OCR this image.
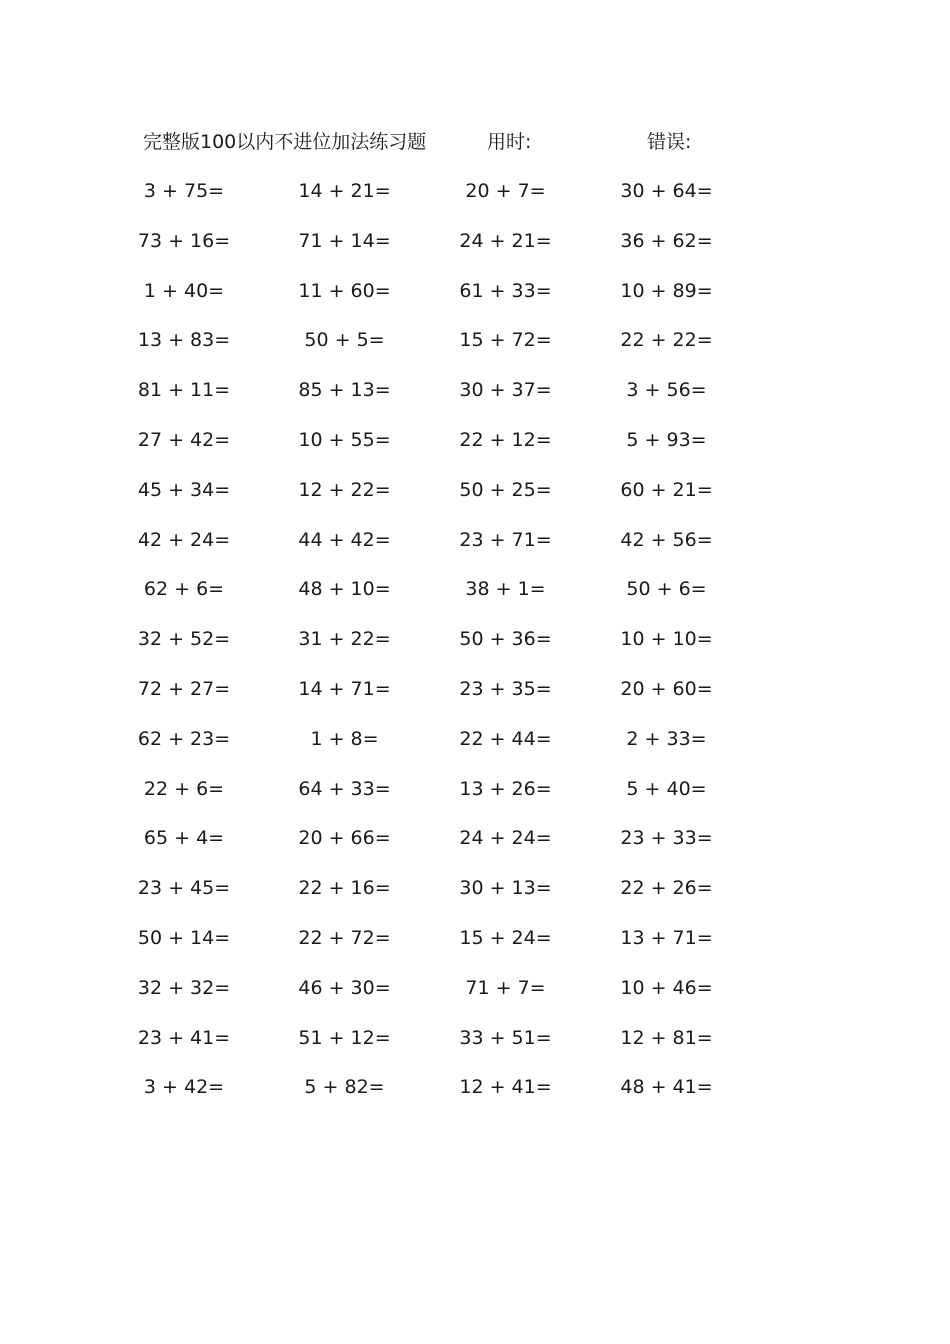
完整版100以内不进位加法练习题	用时:	错误:
3 + 75=	14 + 21=	20 + 7=	30 + 64=
73 + 16=	71 + 14=	24 + 21=	36 + 62=
1 + 40=	11 + 60=	61 + 33=	10 + 89=
13 + 83=	50 + 5=	15 + 72=	22 + 22=
81 + 11=	85 + 13=	30 + 37=	3 + 56=
27 + 42=	10 + 55=	22 + 12=	5 + 93=
45 + 34=	12 + 22=	50 + 25=	60 + 21=
42 + 24=	44 + 42=	23 + 71=	42 + 56=
62 + 6=	48 + 10=	38 + 1=	50 + 6=
32 + 52=	31 + 22=	50 + 36=	10 + 10=
72 + 27=	14 + 71=	23 + 35=	20 + 60=
62 + 23=	1 + 8=	22 + 44=	2 + 33=
22 + 6=	64 + 33=	13 + 26=	5 + 40=
65 + 4=	20 + 66=	24 + 24=	23 + 33=
23 + 45=	22 + 16=	30 + 13=	22 + 26=
50 + 14=	22 + 72=	15 + 24=	13 + 71=
32 + 32=	46 + 30=	71 + 7=	10 + 46=
23 + 41=	51 + 12=	33 + 51=	12 + 81=
3 + 42=	5 + 82=	12 + 41=	48 + 41=
